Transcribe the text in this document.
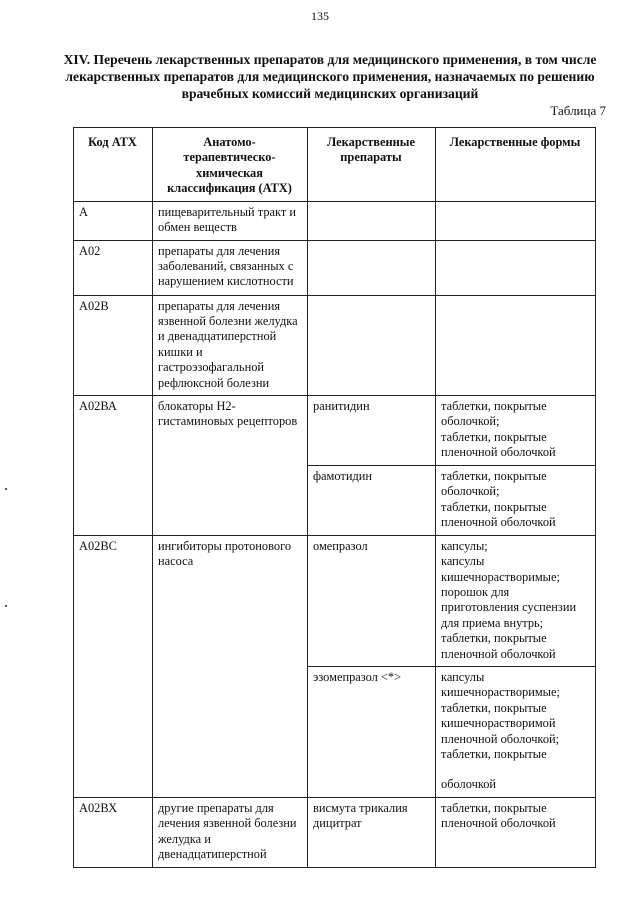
135
XIV. Перечень лекарственных препаратов для медицинского применения, в том числе лекарственных препаратов для медицинского применения, назначаемых по решению врачебных комиссий медицинских организаций
Таблица 7
Код АТХ	Анатомо-терапевтическо-химическая классификация (АТХ)	Лекарственные препараты	Лекарственные формы
А	пищеварительный тракт и обмен веществ		
А02	препараты для лечения заболеваний, связанных с нарушением кислотности		
А02В	препараты для лечения язвенной болезни желудка и двенадцатиперстной кишки и гастроэзофагальной рефлюксной болезни		
А02ВА	блокаторы Н2-гистаминовых рецепторов	ранитидин	таблетки, покрытые оболочкой;
таблетки, покрытые пленочной оболочкой

		фамотидин	таблетки, покрытые оболочкой;
таблетки, покрытые пленочной оболочкой

А02ВС	ингибиторы протонового насоса	омепразол	капсулы;
капсулы кишечнорастворимые;
порошок для приготовления суспензии для приема внутрь;
таблетки, покрытые пленочной оболочкой

		эзомепразол <*>	капсулы кишечнорастворимые;
таблетки, покрытые кишечнорастворимой пленочной оболочкой;
таблетки, покрытые
оболочкой

А02ВХ	другие препараты для лечения язвенной болезни желудка и двенадцатиперстной	висмута трикалия дицитрат	таблетки, покрытые пленочной оболочкой
